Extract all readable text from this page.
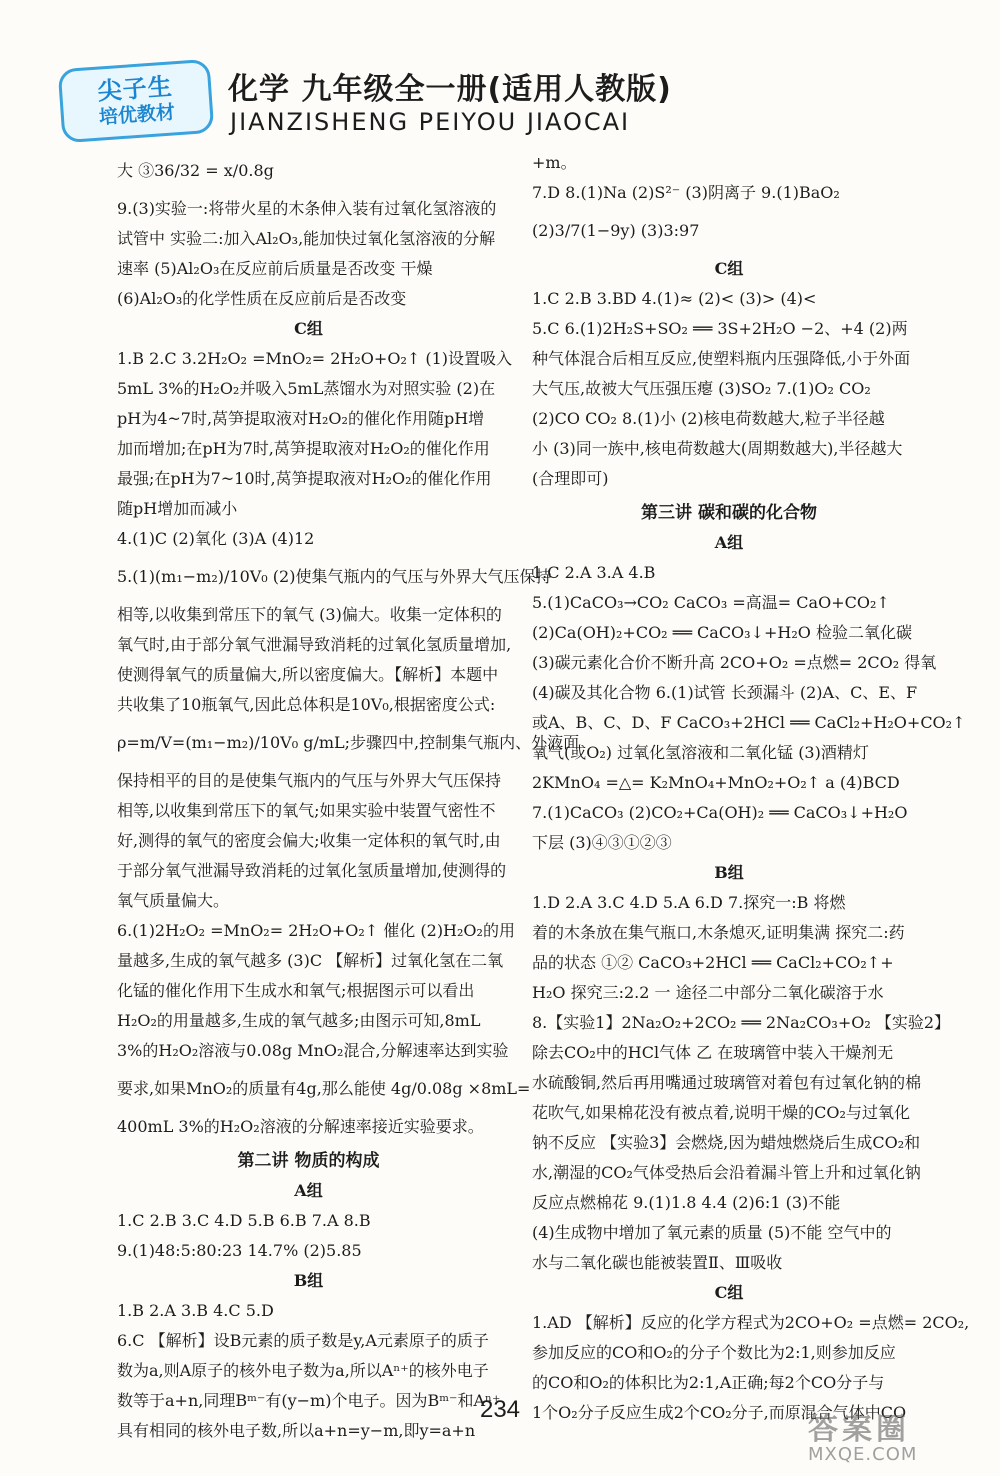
尖子生
培优教材
化学 九年级全一册(适用人教版)
JIANZISHENG PEIYOU JIAOCAI
大 ③36/32 = x/0.8g
9.(3)实验一:将带火星的木条伸入装有过氧化氢溶液的
试管中 实验二:加入Al₂O₃,能加快过氧化氢溶液的分解
速率 (5)Al₂O₃在反应前后质量是否改变 干燥
(6)Al₂O₃的化学性质在反应前后是否改变
C组
1.B 2.C 3.2H₂O₂ =MnO₂= 2H₂O+O₂↑ (1)设置吸入
5mL 3%的H₂O₂并吸入5mL蒸馏水为对照实验 (2)在
pH为4~7时,莴笋提取液对H₂O₂的催化作用随pH增
加而增加;在pH为7时,莴笋提取液对H₂O₂的催化作用
最强;在pH为7~10时,莴笋提取液对H₂O₂的催化作用
随pH增加而减小
4.(1)C (2)氧化 (3)A (4)12
5.(1)(m₁−m₂)/10V₀ (2)使集气瓶内的气压与外界大气压保持
相等,以收集到常压下的氧气 (3)偏大。收集一定体积的
氧气时,由于部分氧气泄漏导致消耗的过氧化氢质量增加,
使测得氧气的质量偏大,所以密度偏大。【解析】本题中
共收集了10瓶氧气,因此总体积是10V₀,根据密度公式:
ρ=m/V=(m₁−m₂)/10V₀ g/mL;步骤四中,控制集气瓶内、外液面
保持相平的目的是使集气瓶内的气压与外界大气压保持
相等,以收集到常压下的氧气;如果实验中装置气密性不
好,测得的氧气的密度会偏大;收集一定体积的氧气时,由
于部分氧气泄漏导致消耗的过氧化氢质量增加,使测得的
氧气质量偏大。
6.(1)2H₂O₂ =MnO₂= 2H₂O+O₂↑ 催化 (2)H₂O₂的用
量越多,生成的氧气越多 (3)C 【解析】过氧化氢在二氧
化锰的催化作用下生成水和氧气;根据图示可以看出
H₂O₂的用量越多,生成的氧气越多;由图示可知,8mL
3%的H₂O₂溶液与0.08g MnO₂混合,分解速率达到实验
要求,如果MnO₂的质量有4g,那么能使 4g/0.08g ×8mL=
400mL 3%的H₂O₂溶液的分解速率接近实验要求。
第二讲 物质的构成
A组
1.C 2.B 3.C 4.D 5.B 6.B 7.A 8.B
9.(1)48:5:80:23 14.7% (2)5.85
B组
1.B 2.A 3.B 4.C 5.D
6.C 【解析】设B元素的质子数是y,A元素原子的质子
数为a,则A原子的核外电子数为a,所以Aⁿ⁺的核外电子
数等于a+n,同理Bᵐ⁻有(y−m)个电子。因为Bᵐ⁻和Aⁿ⁺
具有相同的核外电子数,所以a+n=y−m,即y=a+n
+m。
7.D 8.(1)Na (2)S²⁻ (3)阴离子 9.(1)BaO₂
(2)3/7(1−9y) (3)3:97
C组
1.C 2.B 3.BD 4.(1)≈ (2)< (3)> (4)<
5.C 6.(1)2H₂S+SO₂ ══ 3S+2H₂O −2、+4 (2)两
种气体混合后相互反应,使塑料瓶内压强降低,小于外面
大气压,故被大气压强压瘪 (3)SO₂ 7.(1)O₂ CO₂
(2)CO CO₂ 8.(1)小 (2)核电荷数越大,粒子半径越
小 (3)同一族中,核电荷数越大(周期数越大),半径越大
(合理即可)
第三讲 碳和碳的化合物
A组
1.C 2.A 3.A 4.B
5.(1)CaCO₃→CO₂ CaCO₃ =高温= CaO+CO₂↑
(2)Ca(OH)₂+CO₂ ══ CaCO₃↓+H₂O 检验二氧化碳
(3)碳元素化合价不断升高 2CO+O₂ =点燃= 2CO₂ 得氧
(4)碳及其化合物 6.(1)试管 长颈漏斗 (2)A、C、E、F
或A、B、C、D、F CaCO₃+2HCl ══ CaCl₂+H₂O+CO₂↑
氧气(或O₂) 过氧化氢溶液和二氧化锰 (3)酒精灯
2KMnO₄ =△= K₂MnO₄+MnO₂+O₂↑ a (4)BCD
7.(1)CaCO₃ (2)CO₂+Ca(OH)₂ ══ CaCO₃↓+H₂O
下层 (3)④③①②③
B组
1.D 2.A 3.C 4.D 5.A 6.D 7.探究一:B 将燃
着的木条放在集气瓶口,木条熄灭,证明集满 探究二:药
品的状态 ①② CaCO₃+2HCl ══ CaCl₂+CO₂↑+
H₂O 探究三:2.2 一 途径二中部分二氧化碳溶于水
8.【实验1】2Na₂O₂+2CO₂ ══ 2Na₂CO₃+O₂ 【实验2】
除去CO₂中的HCl气体 乙 在玻璃管中装入干燥剂无
水硫酸铜,然后再用嘴通过玻璃管对着包有过氧化钠的棉
花吹气,如果棉花没有被点着,说明干燥的CO₂与过氧化
钠不反应 【实验3】会燃烧,因为蜡烛燃烧后生成CO₂和
水,潮湿的CO₂气体受热后会沿着漏斗管上升和过氧化钠
反应点燃棉花 9.(1)1.8 4.4 (2)6:1 (3)不能
(4)生成物中增加了氧元素的质量 (5)不能 空气中的
水与二氧化碳也能被装置Ⅱ、Ⅲ吸收
C组
1.AD 【解析】反应的化学方程式为2CO+O₂ =点燃= 2CO₂,
参加反应的CO和O₂的分子个数比为2:1,则参加反应
的CO和O₂的体积比为2:1,A正确;每2个CO分子与
1个O₂分子反应生成2个CO₂分子,而原混合气体中CO
234
答案圈
MXQE.COM
